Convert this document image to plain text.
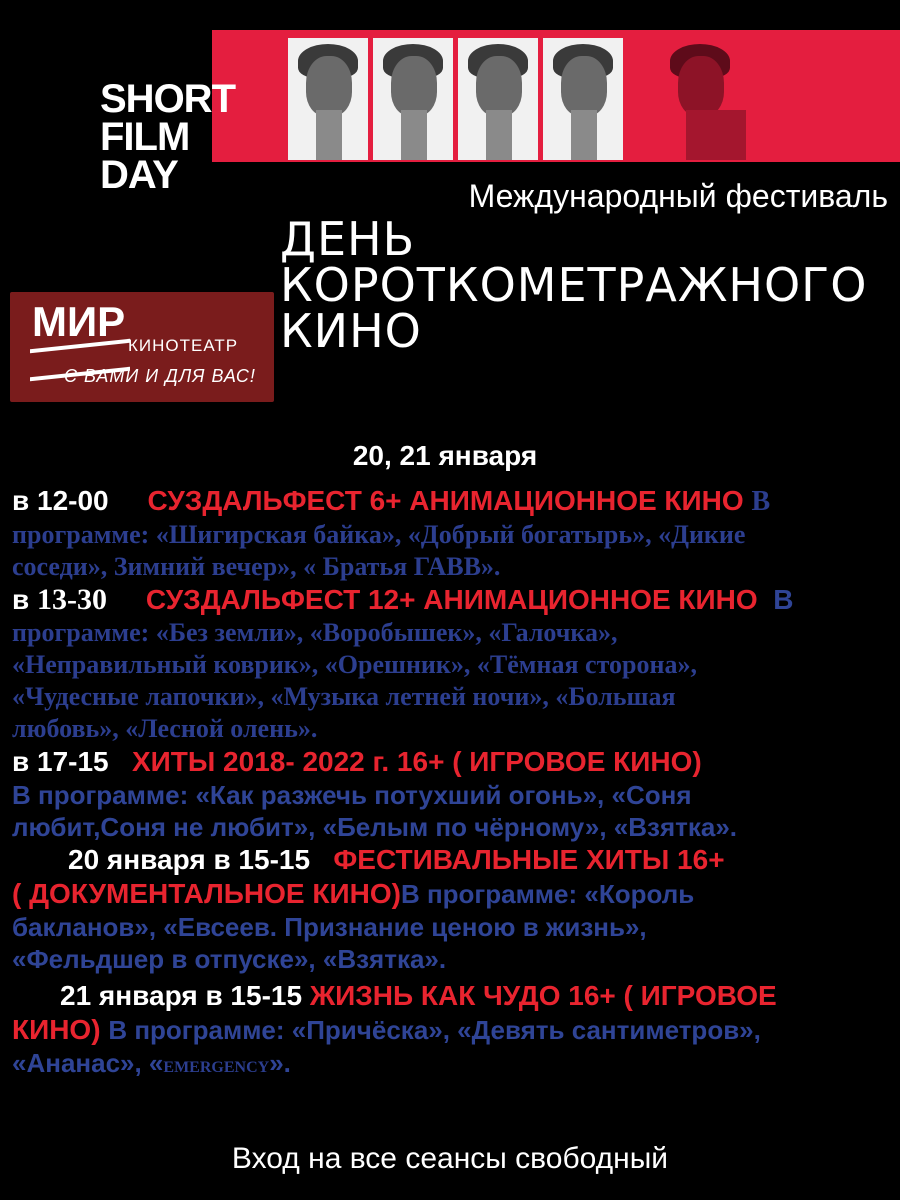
SHORT
FILM
DAY	Международный фестиваль
ДЕНЬ
КОРОТКОМЕТРАЖНОГО
КИНО
МИР
КИНОТЕАТР
С ВАМИ И ДЛЯ ВАС!
20, 21 января
в 12-00 СУЗДАЛЬФЕСТ 6+ АНИМАЦИОННОЕ КИНО В
программе: «Шигирская байка», «Добрый богатырь», «Дикие
соседи», Зимний вечер», « Братья ГАВВ».
в 13-30 СУЗДАЛЬФЕСТ 12+ АНИМАЦИОННОЕ КИНО В
программе: «Без земли», «Воробышек», «Галочка»,
«Неправильный коврик», «Орешник», «Тёмная сторона»,
«Чудесные лапочки», «Музыка летней ночи», «Большая
любовь», «Лесной олень».
в 17-15 ХИТЫ 2018- 2022 г. 16+ ( ИГРОВОЕ КИНО)
В программе: «Как разжечь потухший огонь», «Соня
любит,Соня не любит», «Белым по чёрному», «Взятка».
20 января в 15-15 ФЕСТИВАЛЬНЫЕ ХИТЫ 16+
( ДОКУМЕНТАЛЬНОЕ КИНО)В программе: «Король
бакланов», «Евсеев. Признание ценою в жизнь»,
«Фельдшер в отпуске», «Взятка».
21 января в 15-15 ЖИЗНЬ КАК ЧУДО 16+ ( ИГРОВОЕ
КИНО) В программе: «Причёска», «Девять сантиметров»,
«Ананас», «EMERGENCY».
Вход на все сеансы свободный
